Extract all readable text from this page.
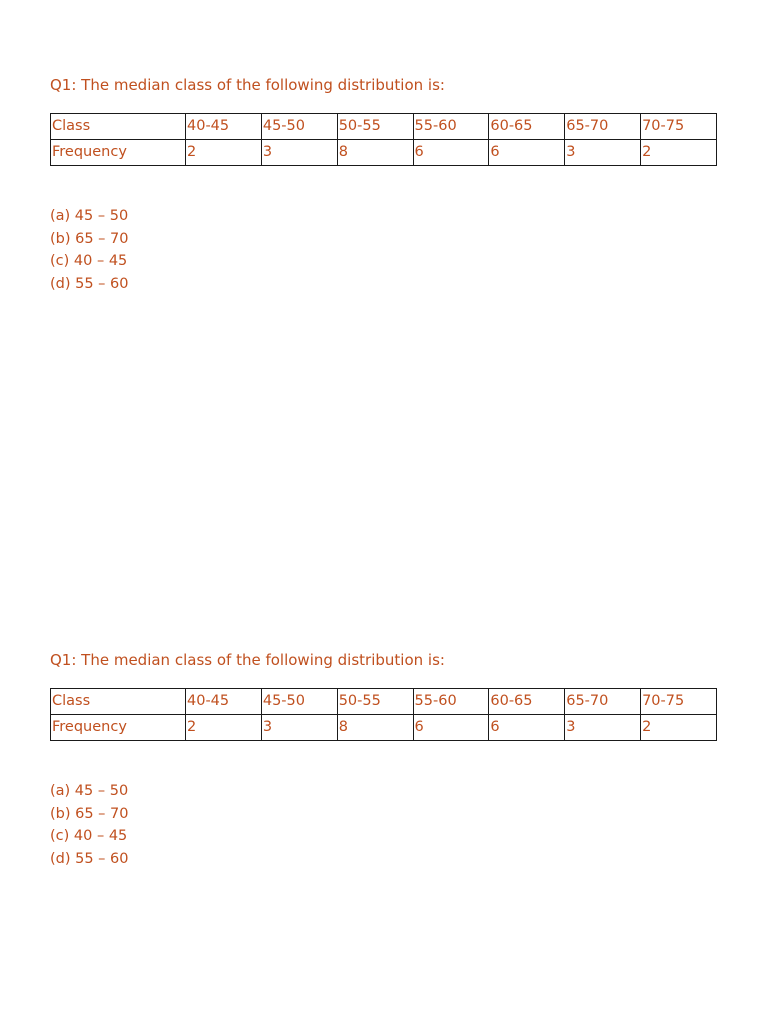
Q1: The median class of the following distribution is:
Class	40-45	45-50	50-55	55-60	60-65	65-70	70-75
Frequency	2	3	8	6	6	3	2
(a) 45 – 50
(b) 65 – 70
(c) 40 – 45
(d) 55 – 60
Q1: The median class of the following distribution is:
Class	40-45	45-50	50-55	55-60	60-65	65-70	70-75
Frequency	2	3	8	6	6	3	2
(a) 45 – 50
(b) 65 – 70
(c) 40 – 45
(d) 55 – 60
